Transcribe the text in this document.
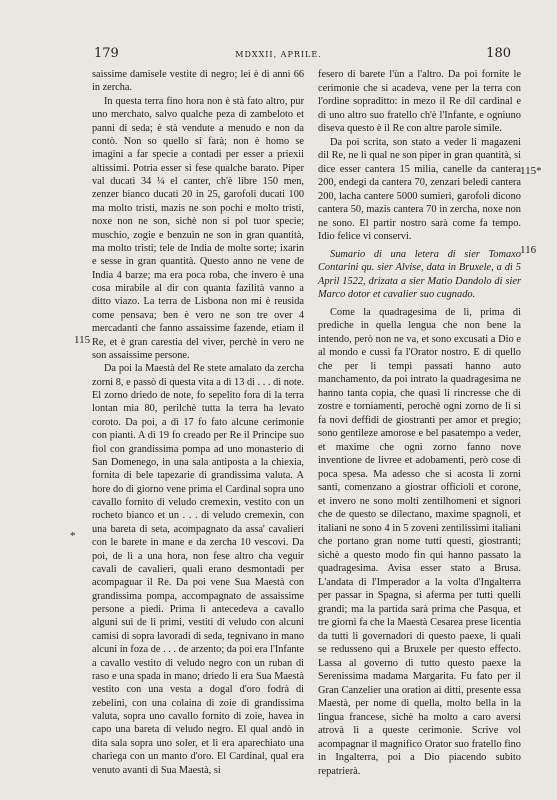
179	MDXXII, APRILE.	180

saissime damisele vestite di negro; lei è di anni 66 in zercha.

In questa terra fino hora non è stà fato altro, pur uno merchato, salvo qualche peza di zambeloto et panni di seda; è stà vendute a menudo e non da contò. Non so quello si farà; non è homo se imagini a far specie a contadi per esser a priexii altissimi. Potria esser si fese qualche barato. Piper val ducati 34 ¼ el canter, ch'è libre 150 men, zenzer bianco ducati 20 in 25, garofoli ducati 100 ma molto tristi, mazis ne son pochi e molto tristi, noxe non ne son, sichè non si pol tuor specie; muschio, zogie e benzuin ne son in gran quantità, ma molto tristi; tele de India de molte sorte; ixarin e sesse in gran quantità. Questo anno ne vene de India 4 barze; ma era poca roba, che invero è una cosa mirabile al dir con quanta fazilità vanno a ditto viazo. La terra de Lisbona non mi è reusida come pensava; ben è vero ne son tre over 4 mercadanti che fanno assaissime fazende, etiam il Re, et è gran carestia del viver, perchè in vero ne son assaissime persone.

Da poi la Maestà del Re stete amalato da zercha zorni 8, e passò di questa vita a dì 13 di . . . di note. El zorno driedo de note, fo sepelito fora di la terra lontan mia 80, perilchè tutta la terra ha levato coroto. Da poi, a dì 17 fo fato alcune cerimonie con pianti. A dì 19 fo creado per Re il Principe suo fiol con grandissima pompa ad uno monasterio di San Domenego, in una sala antiposta a la chiexia, fornita di bele tapezarie di grandissima valuta. A hore do di giorno vene prima el Cardinal sopra uno cavallo fornito di veludo cremexin, vestito con un rocheto bianco et un . . . di veludo cremexin, con una bareta di seta, acompagnato da assa' cavalieri con le barete in mane e da zercha 10 vescovi. Da poi, de lì a una hora, non fese altro cha veguir cavali de cavalieri, quali erano desmontadi per acompaguar il Re. Da poi vene Sua Maestà con grandissima pompa, accompagnato de assaissime persone a piedi. Prima li antecedeva a cavallo alguni sui de li primi, vestiti di veludo con alcuni camisi di sopra lavoradi di seda, tegnivano in mano alcuni in foza de . . . de arzento; da poi era l'Infante a cavallo vestito di veludo negro con un ruban di raso e una spada in mano; driedo li era Sua Maestà vestito con una vesta a dogal d'oro fodrà di zebelini, con una colaina di zoie di grandissima valuta, sopra uno cavallo fornito di zoie, havea in capo una bareta di veludo negro. El qual andò in dita sala sopra uno soler, et lì era aparechiato una chariega con un manto d'oro. El Cardinal, qual era venuto avanti di Sua Maestà, si

fesero di barete l'ùn a l'altro. Da poi fornite le cerimonie che si acadeva, vene per la terra con l'ordine sopraditto: in mezo il Re dil cardinal e di uno altro suo fratello ch'è l'Infante, e ogniuno diseva questo è il Re con altre parole simile.

Da poi scrita, son stato a veder li magazeni dil Re, ne li qual ne son piper in gran quantità, si dice esser cantera 15 milia, canelle da cantera 200, endegi da cantera 70, zenzari beledi cantera 200, lacha cantere 5000 sumieri, garofoli dicono cantera 50, mazis cantera 70 in zercha, noxe non ne sono. El partir nostro sarà come fa tempo. Idio felice vi conservi.

Sumario di una letera di sier Tomaxo Contarini qu. sier Alvise, data in Bruxele, a dì 5 April 1522, drizata a sier Matio Dandolo di sier Marco dotor et cavalier suo cugnado.

Come la quadragesima de lì, prima di prediche in quella lengua che non bene la intendo, però non ne va, et sono excusati a Dio e al mondo e cussì fa l'Orator nostro. E di quello che per li tempi passati hanno auto manchamento, da poi intrato la quadragesima ne hanno tanta copia, che quasi li rincresse che di zostre e torniamenti, perochè ogni zorno de lì si fa novi deffidi de giostranti per amor et pregio; sono gentileze amorose e bel pasatempo a veder, et maxime che ogni zorno fanno nove inventione de livree et adobamenti, però cose di poca spesa. Ma adesso che si acosta li zorni santi, comenzano a giostrar officioli et corone, et invero ne sono molti zentilhomeni et signori che de questo se dilectano, maxime spagnoli, et italiani ne sono 4 in 5 zoveni zentilissimi italiani che portano gran nome tutti questi, giostranti; sichè a questo modo fin qui hanno passato la quadragesima. Avisa esser stato a Brusa. L'andata di l'Imperador a la volta d'Ingalterra per passar in Spagna, si aferma per tutti quelli grandi; ma la partida sarà prima che Pasqua, et tre giorni fa che la Maestà Cesarea prese licentia da tutti li governadori di questo paexe, li quali se redusseno qui a Bruxele per questo effecto. Lassa al governo di tutto questo paexe la Serenissima madama Margarita. Fu fato per il Gran Canzelier una oration ai ditti, presente essa Maestà, per nome di quella, molto bella in la lingua francese, sichè ha molto a caro aversi atrovà lì a queste cerimonie. Scrive vol acompagnar il magnifico Orator suo fratello fino in Ingalterra, poi a Dio piacendo subito repatrierà.

115
*
115*
116
